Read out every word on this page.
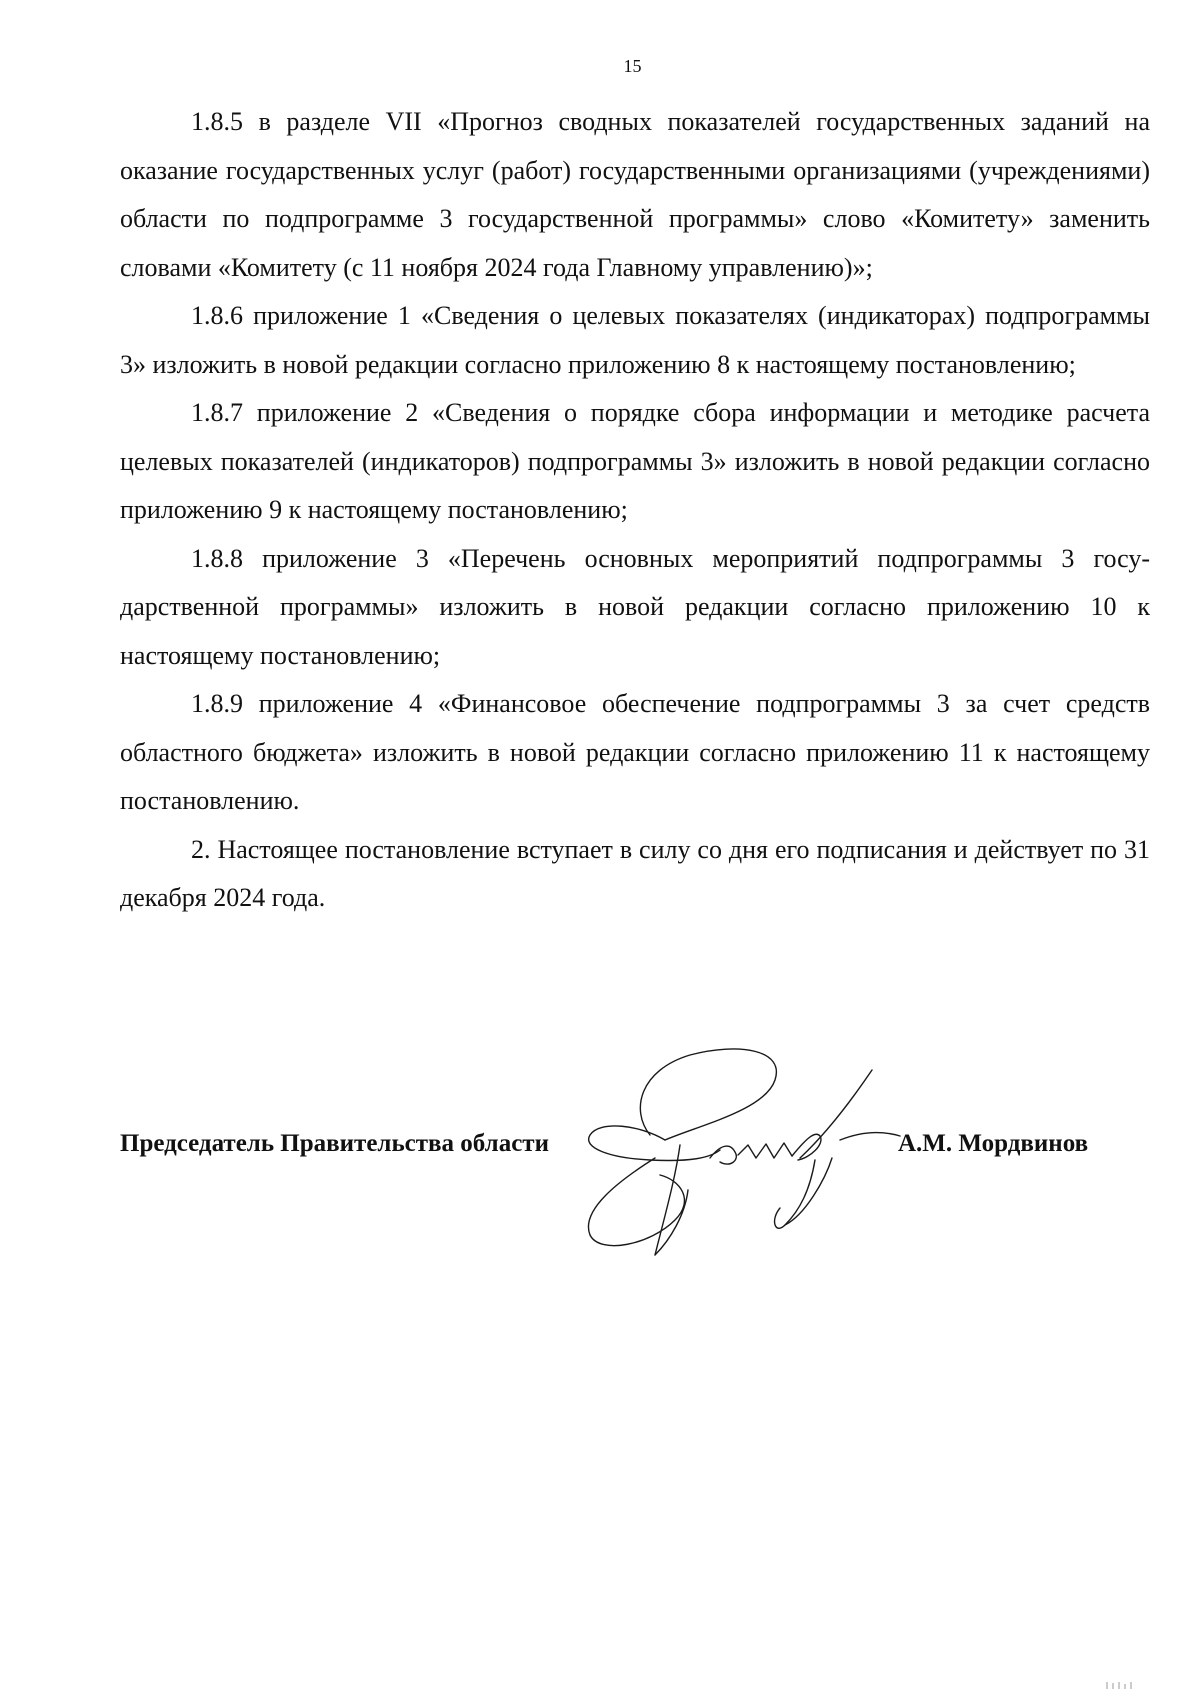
15

1.8.5 в разделе VII «Прогноз сводных показателей государственных заданий на оказание государственных услуг (работ) государственными организациями (учреждениями) области по подпрограмме 3 государственной программы» слово «Комитету» заменить словами «Комитету (с 11 ноября 2024 года Главному управлению)»;

1.8.6 приложение 1 «Сведения о целевых показателях (индикаторах) подпрограммы 3» изложить в новой редакции согласно приложению 8 к настоящему постановлению;

1.8.7 приложение 2 «Сведения о порядке сбора информации и методике расчета целевых показателей (индикаторов) подпрограммы 3» изложить в новой редакции согласно приложению 9 к настоящему постановлению;

1.8.8 приложение 3 «Перечень основных мероприятий подпрограммы 3 государственной программы» изложить в новой редакции согласно приложению 10 к настоящему постановлению;

1.8.9 приложение 4 «Финансовое обеспечение подпрограммы 3 за счет средств областного бюджета» изложить в новой редакции согласно приложению 11 к настоящему постановлению.

2. Настоящее постановление вступает в силу со дня его подписания и действует по 31 декабря 2024 года.

Председатель Правительства области	А.М. Мордвинов
